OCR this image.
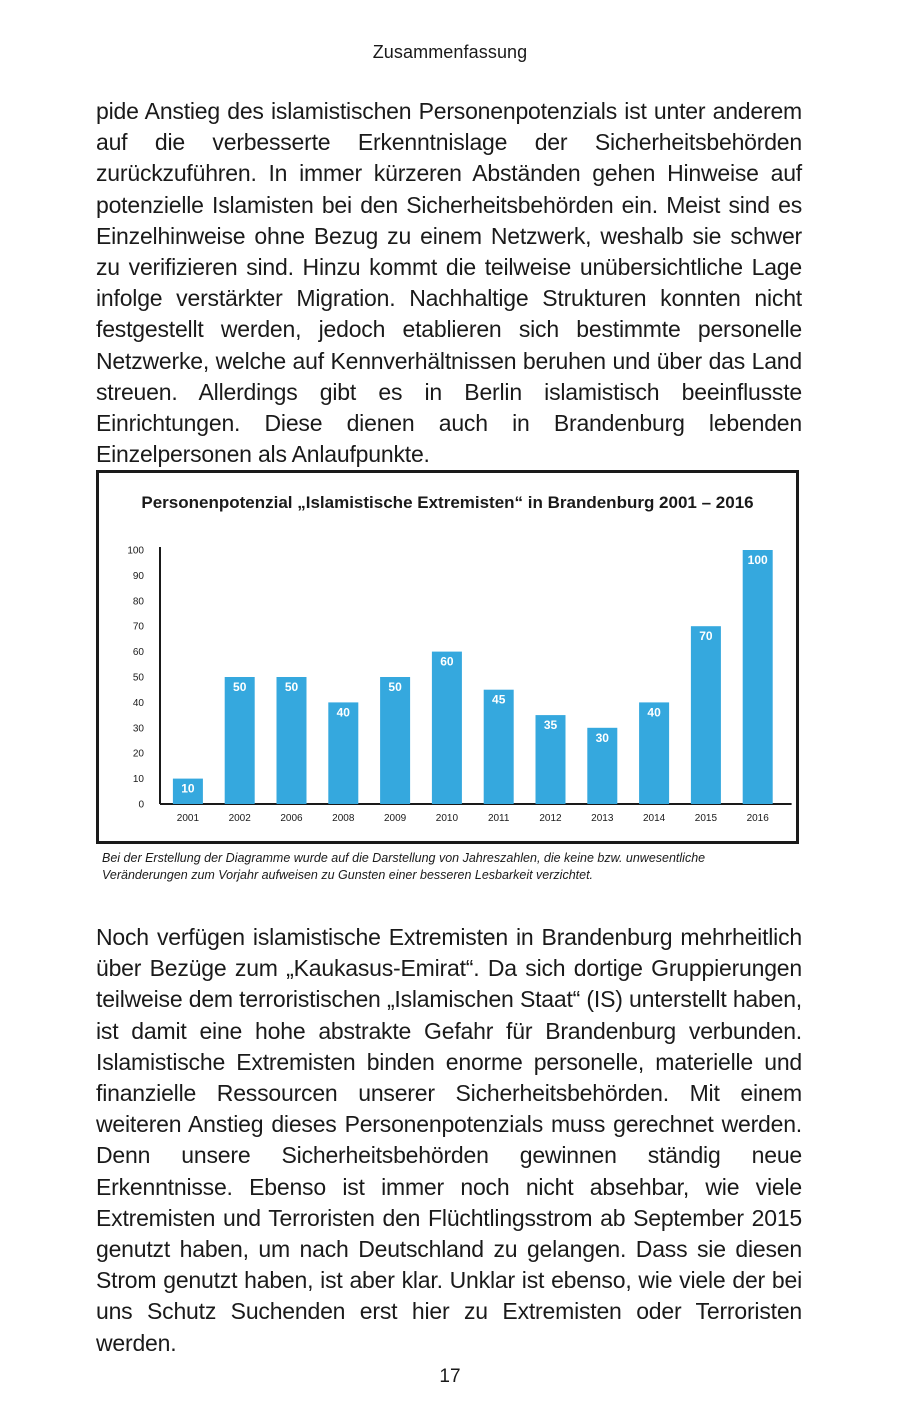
Zusammenfassung

pide Anstieg des islamistischen Personenpotenzials ist unter anderem auf die verbesserte Erkenntnislage der Sicherheitsbehörden zurückzuführen. In immer kürzeren Abständen gehen Hinweise auf potenzielle Islamisten bei den Sicherheitsbehörden ein. Meist sind es Einzelhinweise ohne Bezug zu einem Netzwerk, weshalb sie schwer zu verifizieren sind. Hinzu kommt die teilweise unübersichtliche Lage infolge verstärkter Migration. Nachhaltige Strukturen konnten nicht festgestellt werden, jedoch etablieren sich bestimmte personelle Netzwerke, welche auf Kennverhältnissen beruhen und über das Land streuen. Allerdings gibt es in Berlin islamistisch beeinflusste Einrichtungen. Diese dienen auch in Brandenburg lebenden Einzelpersonen als Anlaufpunkte.

Personenpotenzial „Islamistische Extremisten“ in Brandenburg 2001 – 2016
0
10
20
30
40
50
60
70
80
90
100
10
2001
50
2002
50
2006
40
2008
50
2009
60
2010
45
2011
35
2012
30
2013
40
2014
70
2015
100
2016
Bei der Erstellung der Diagramme wurde auf die Darstellung von Jahreszahlen, die keine bzw. unwesentliche Veränderungen zum Vorjahr aufweisen zu Gunsten einer besseren Lesbarkeit verzichtet.

Noch verfügen islamistische Extremisten in Brandenburg mehrheitlich über Bezüge zum „Kaukasus-Emirat“. Da sich dortige Gruppierungen teilweise dem terroristischen „Islamischen Staat“ (IS) unterstellt haben, ist damit eine hohe abstrakte Gefahr für Brandenburg verbunden. Islamistische Extremisten binden enorme personelle, materielle und finanzielle Ressourcen unserer Sicherheitsbehörden. Mit einem weiteren Anstieg dieses Personenpotenzials muss gerechnet werden. Denn unsere Sicherheitsbehörden gewinnen ständig neue Erkenntnisse. Ebenso ist immer noch nicht absehbar, wie viele Extremisten und Terroristen den Flüchtlingsstrom ab September 2015 genutzt haben, um nach Deutschland zu gelangen. Dass sie diesen Strom genutzt haben, ist aber klar. Unklar ist ebenso, wie viele der bei uns Schutz Suchenden erst hier zu Extremisten oder Terroristen werden.

17
